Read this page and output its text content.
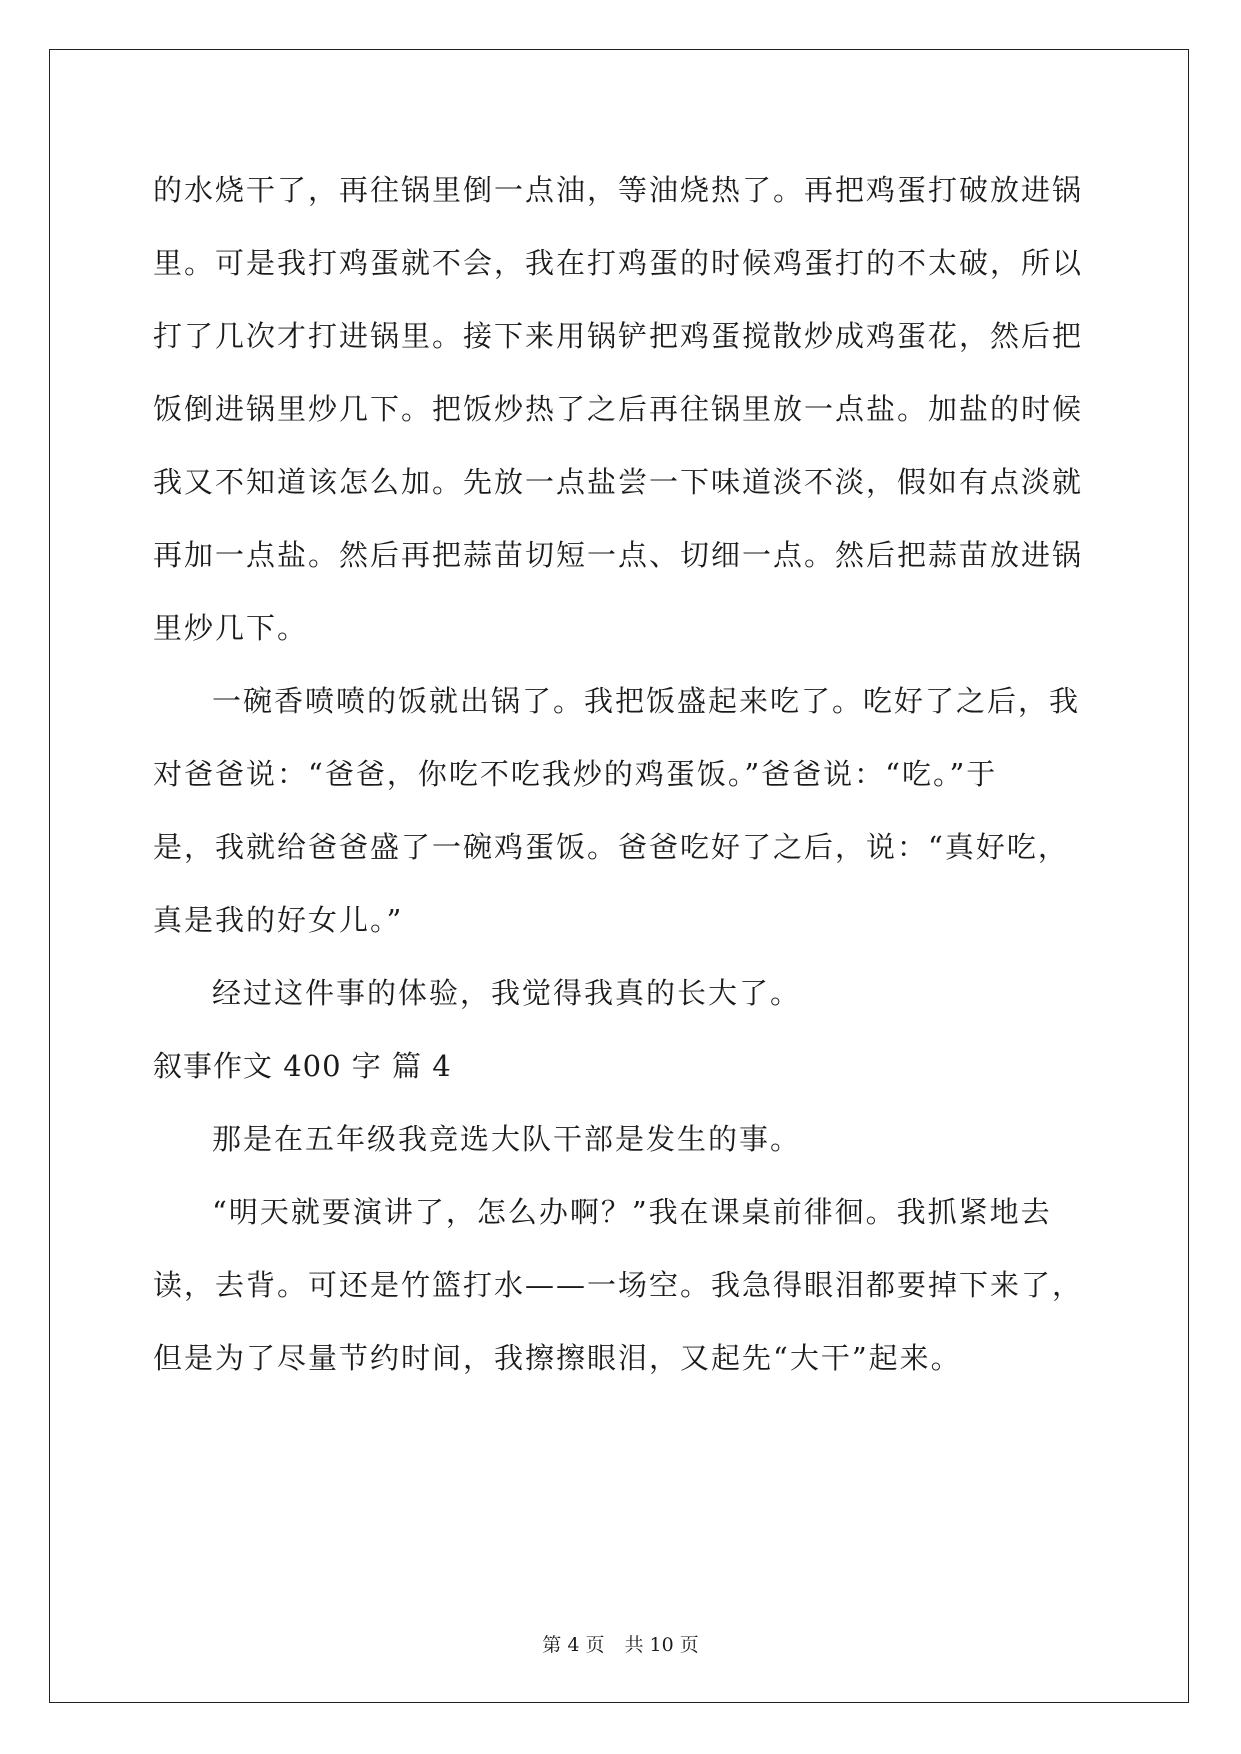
的水烧干了，再往锅里倒一点油，等油烧热了。再把鸡蛋打破放进锅
里。可是我打鸡蛋就不会，我在打鸡蛋的时候鸡蛋打的不太破，所以
打了几次才打进锅里。接下来用锅铲把鸡蛋搅散炒成鸡蛋花，然后把
饭倒进锅里炒几下。把饭炒热了之后再往锅里放一点盐。加盐的时候
我又不知道该怎么加。先放一点盐尝一下味道淡不淡，假如有点淡就
再加一点盐。然后再把蒜苗切短一点、切细一点。然后把蒜苗放进锅
里炒几下。
一碗香喷喷的饭就出锅了。我把饭盛起来吃了。吃好了之后，我
对爸爸说：“爸爸，你吃不吃我炒的鸡蛋饭。”爸爸说：“吃。”于
是，我就给爸爸盛了一碗鸡蛋饭。爸爸吃好了之后，说：“真好吃，
真是我的好女儿。”
经过这件事的体验，我觉得我真的长大了。
叙事作文 400 字 篇 4
那是在五年级我竞选大队干部是发生的事。
“明天就要演讲了，怎么办啊？”我在课桌前徘徊。我抓紧地去
读，去背。可还是竹篮打水——一场空。我急得眼泪都要掉下来了，
但是为了尽量节约时间，我擦擦眼泪，又起先“大干”起来。
第 4 页 共 10 页
